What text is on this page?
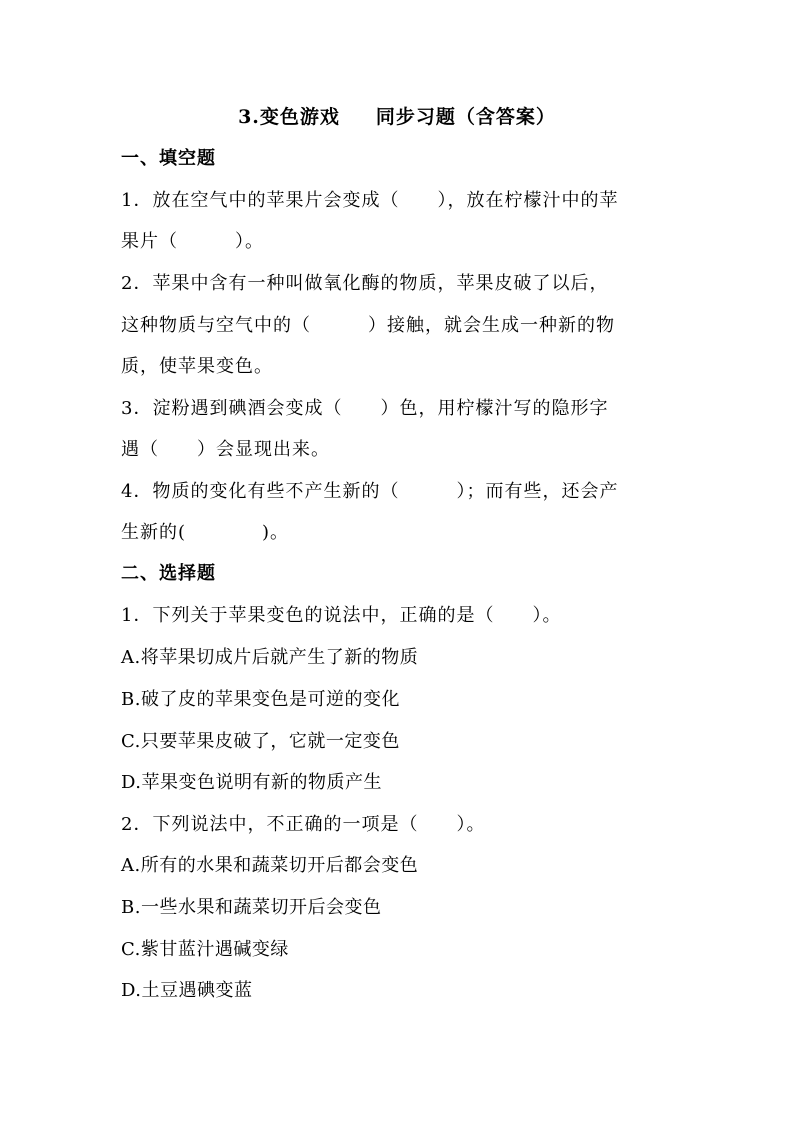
3.变色游戏 同步习题（含答案）
一、填空题
1．放在空气中的苹果片会变成（　　），放在柠檬汁中的苹
果片（　　　）。
2．苹果中含有一种叫做氧化酶的物质，苹果皮破了以后，
这种物质与空气中的（　　　）接触，就会生成一种新的物
质，使苹果变色。
3．淀粉遇到碘酒会变成（　　）色，用柠檬汁写的隐形字
遇（　　）会显现出来。
4．物质的变化有些不产生新的（　　　）；而有些，还会产
生新的(　　　　)。
二、选择题
1．下列关于苹果变色的说法中，正确的是（　　）。
A.将苹果切成片后就产生了新的物质
B.破了皮的苹果变色是可逆的变化
C.只要苹果皮破了，它就一定变色
D.苹果变色说明有新的物质产生
2．下列说法中，不正确的一项是（　　）。
A.所有的水果和蔬菜切开后都会变色
B.一些水果和蔬菜切开后会变色
C.紫甘蓝汁遇碱变绿
D.土豆遇碘变蓝
